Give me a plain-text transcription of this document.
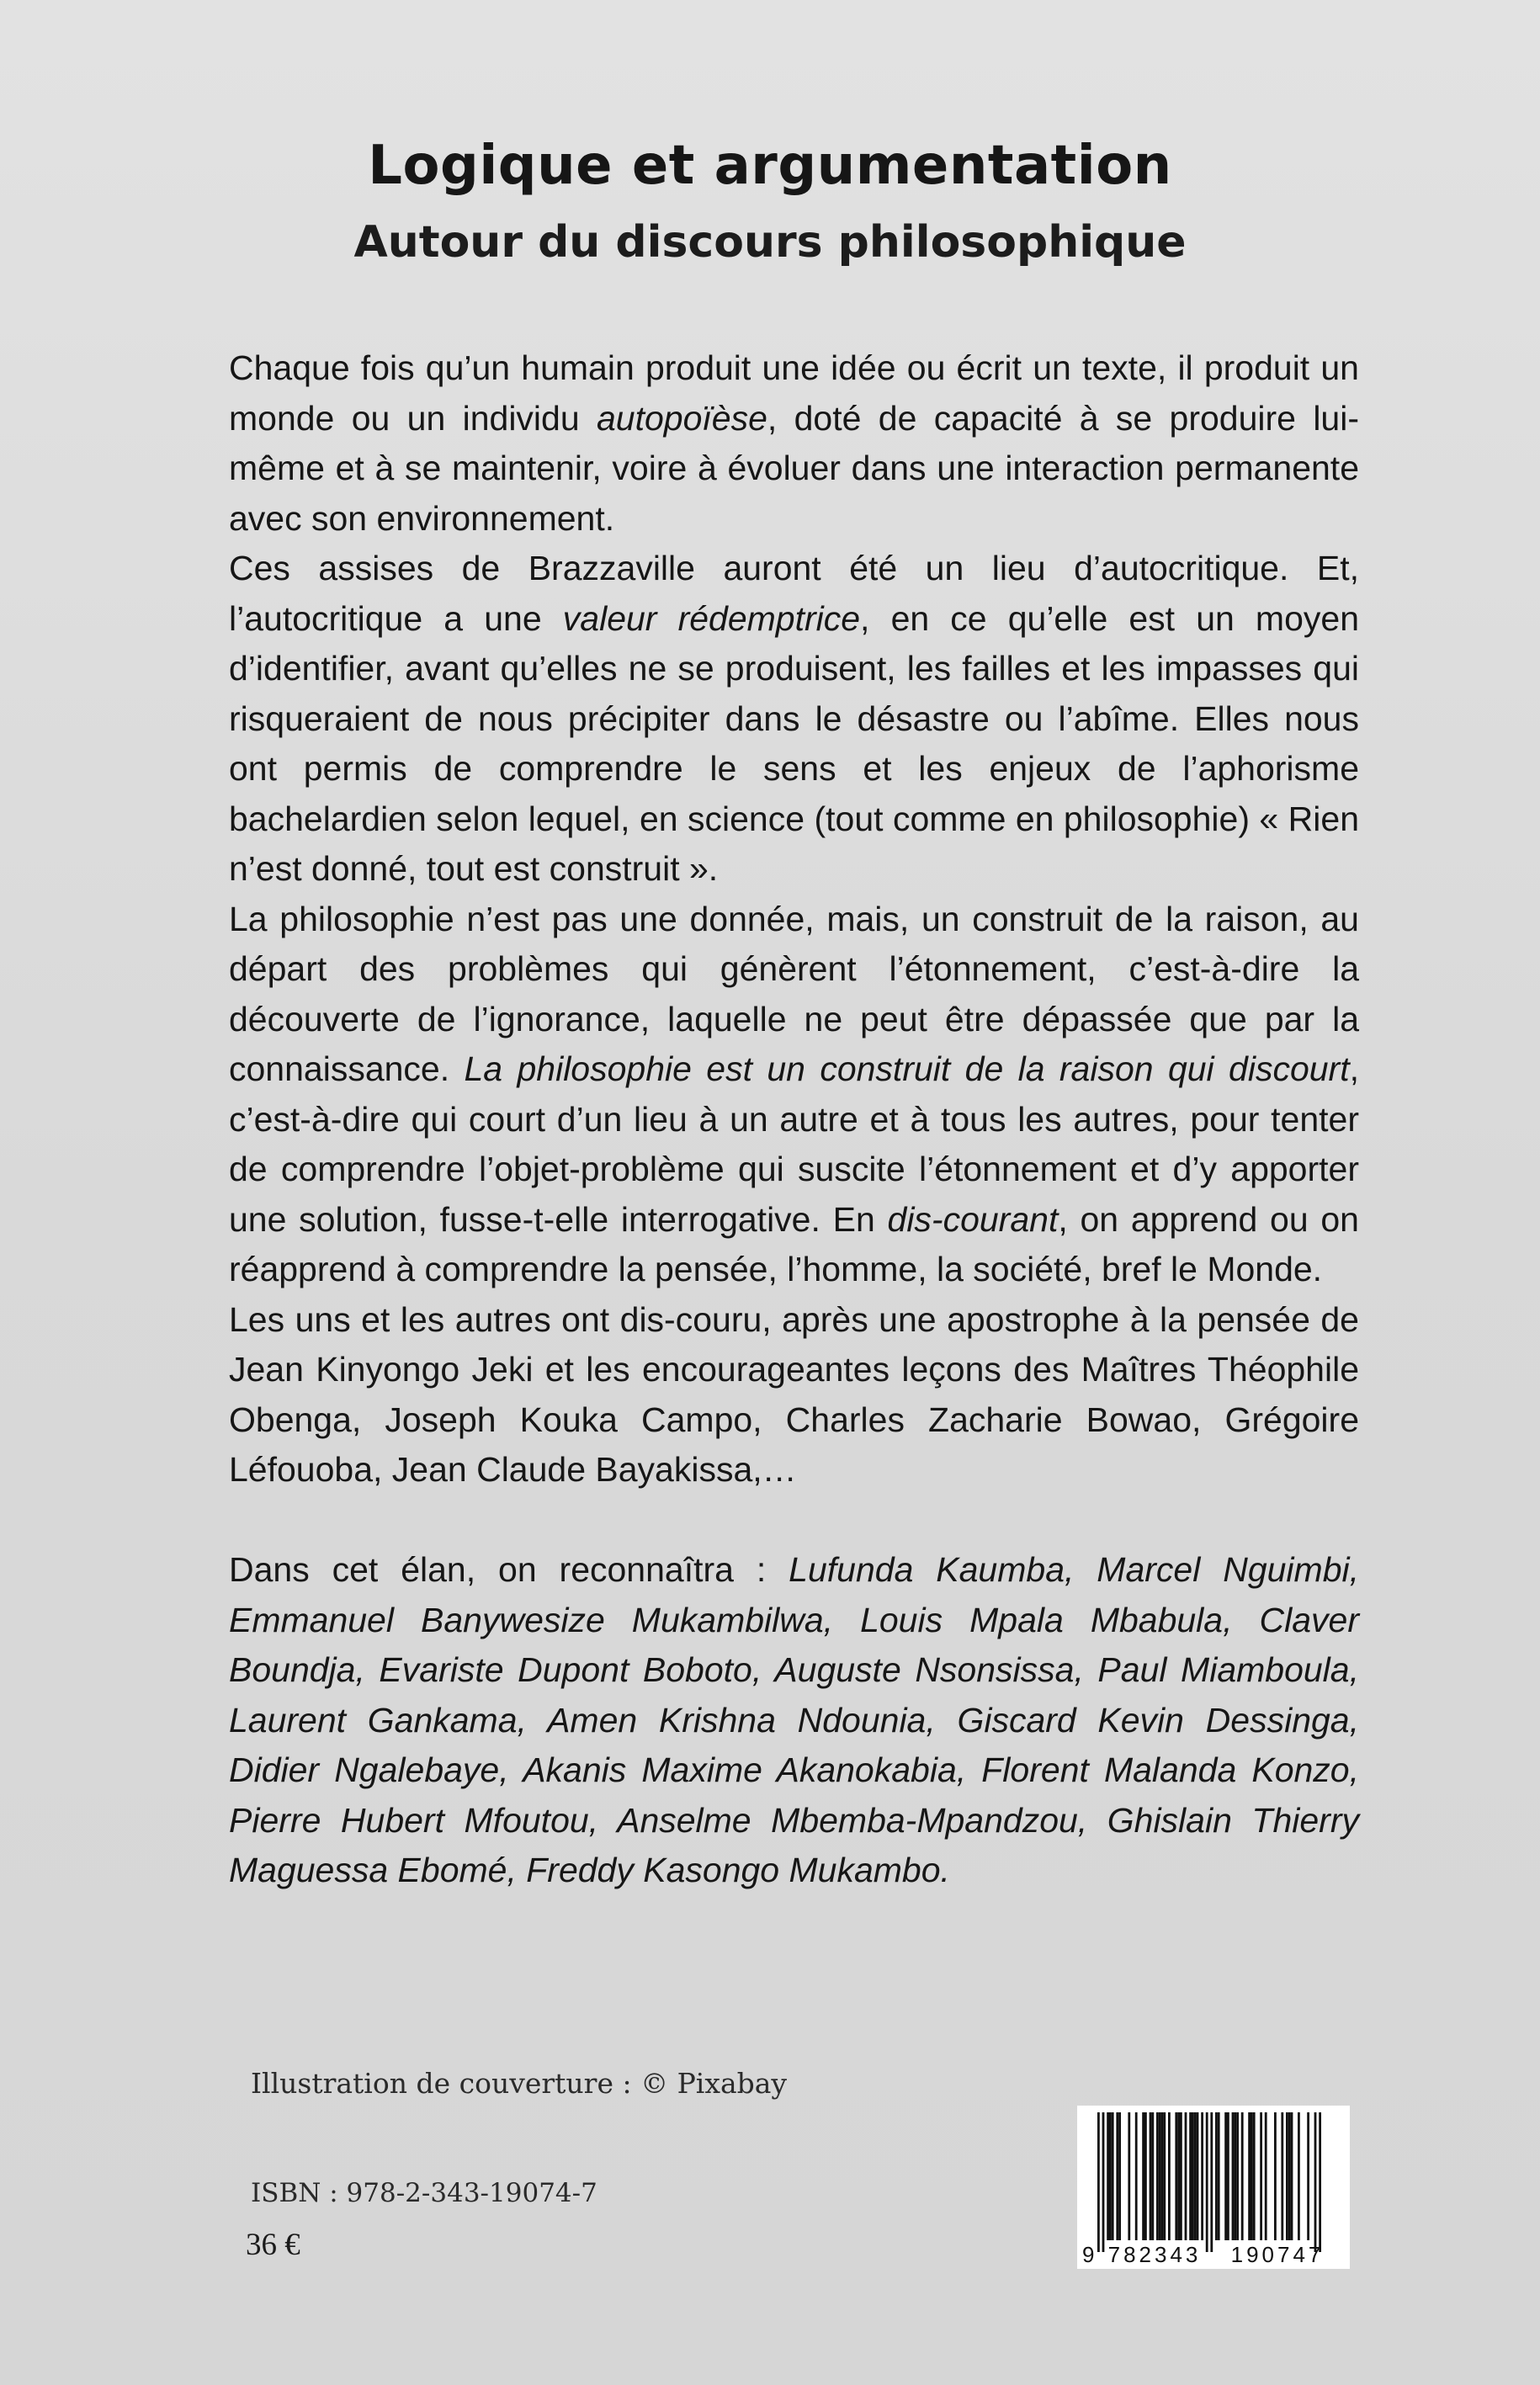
Logique et argumentation
Autour du discours philosophique

Chaque fois qu’un humain produit une idée ou écrit un texte, il produit un monde ou un individu autopoïèse, doté de capacité à se produire lui-même et à se maintenir, voire à évoluer dans une interaction permanente avec son environnement.

Ces assises de Brazzaville auront été un lieu d’autocritique. Et, l’autocritique a une valeur rédemptrice, en ce qu’elle est un moyen d’identifier, avant qu’elles ne se produisent, les failles et les impasses qui risqueraient de nous précipiter dans le désastre ou l’abîme. Elles nous ont permis de comprendre le sens et les enjeux de l’aphorisme bachelardien selon lequel, en science (tout comme en philosophie) « Rien n’est donné, tout est construit ».

La philosophie n’est pas une donnée, mais, un construit de la raison, au départ des problèmes qui génèrent l’étonnement, c’est-à-dire la découverte de l’ignorance, laquelle ne peut être dépassée que par la connaissance. La philosophie est un construit de la raison qui discourt, c’est-à-dire qui court d’un lieu à un autre et à tous les autres, pour tenter de comprendre l’objet-problème qui suscite l’étonnement et d’y apporter une solution, fusse-t-elle interrogative. En dis-courant, on apprend ou on réapprend à comprendre la pensée, l’homme, la société, bref le Monde.

Les uns et les autres ont dis-couru, après une apostrophe à la pensée de Jean Kinyongo Jeki et les encourageantes leçons des Maîtres Théophile Obenga, Joseph Kouka Campo, Charles Zacharie Bowao, Grégoire Léfouoba, Jean Claude Bayakissa,…

Dans cet élan, on reconnaîtra : Lufunda Kaumba, Marcel Nguimbi, Emmanuel Banywesize Mukambilwa, Louis Mpala Mbabula, Claver Boundja, Evariste Dupont Boboto, Auguste Nsonsissa, Paul Miamboula, Laurent Gankama, Amen Krishna Ndounia, Giscard Kevin Dessinga, Didier Ngalebaye, Akanis Maxime Akanokabia, Florent Malanda Konzo, Pierre Hubert Mfoutou, Anselme Mbemba-Mpandzou, Ghislain Thierry Maguessa Ebomé, Freddy Kasongo Mukambo.

Illustration de couverture : © Pixabay
ISBN : 978-2-343-19074-7
36 €	9 782343 190747
